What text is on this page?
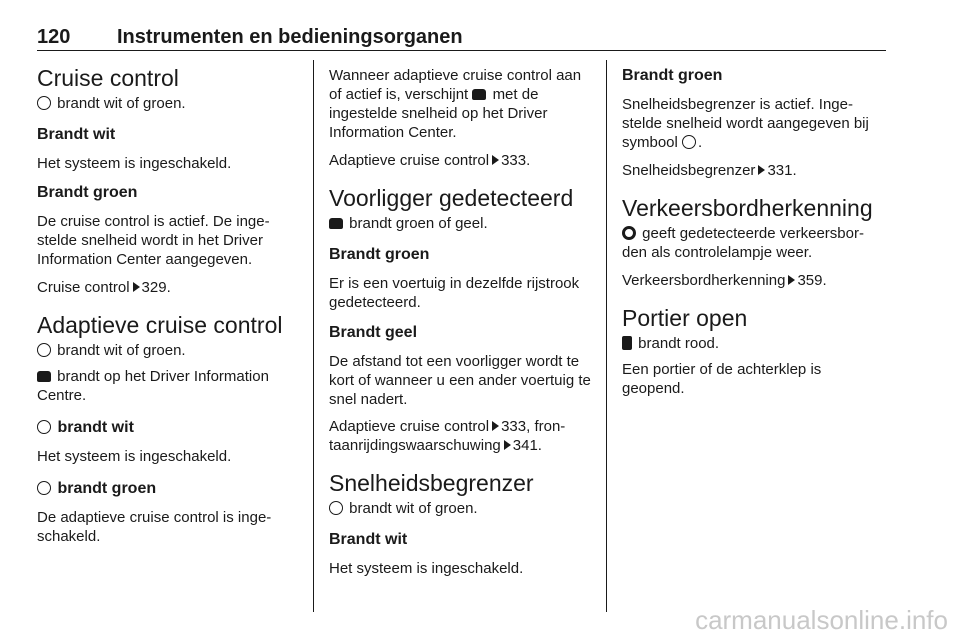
120 Instrumenten en bedieningsorganen
Cruise control

brandt wit of groen.

Brandt wit

Het systeem is ingeschakeld.

Brandt groen

De cruise control is actief. De inge- stelde snelheid wordt in het Driver Information Center aangegeven.

Cruise control 329.

Adaptieve cruise control

brandt wit of groen.

brandt op het Driver Information Centre.

brandt wit

Het systeem is ingeschakeld.

brandt groen

De adaptieve cruise control is inge- schakeld.

Wanneer adaptieve cruise control aan of actief is, verschijnt met de ingestelde snelheid op het Driver Information Center.

Adaptieve cruise control 333.

Voorligger gedetecteerd

brandt groen of geel.

Brandt groen

Er is een voertuig in dezelfde rijstrook gedetecteerd.

Brandt geel

De afstand tot een voorligger wordt te kort of wanneer u een ander voertuig te snel nadert.

Adaptieve cruise control 333, fron-
taanrijdingswaarschuwing 341.

Snelheidsbegrenzer

brandt wit of groen.

Brandt wit

Het systeem is ingeschakeld.

Brandt groen

Snelheidsbegrenzer is actief. Inge- stelde snelheid wordt aangegeven bij symbool .

Snelheidsbegrenzer 331.

Verkeersbordherkenning

geeft gedetecteerde verkeersbor- den als controlelampje weer.

Verkeersbordherkenning 359.

Portier open

brandt rood.

Een portier of de achterklep is geopend.

carmanualsonline.info
